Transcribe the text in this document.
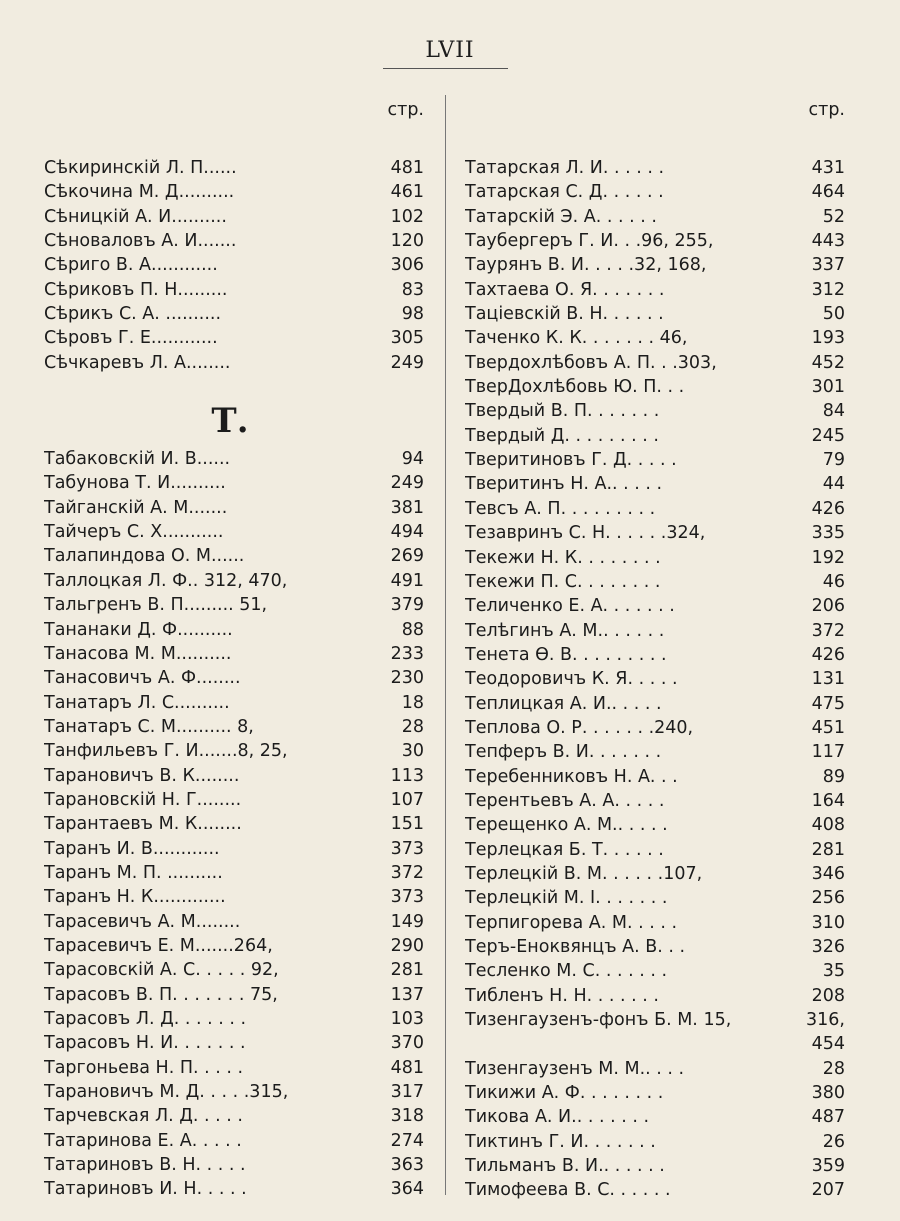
LVII
стр.
Сѣкиринскій Л. П......	481
Сѣкочина М. Д..........	461
Сѣницкій А. И..........	102
Сѣноваловъ А. И.......	120
Сѣриго В. А............	306
Сѣриковъ П. Н.........	83
Сѣрикъ С. А. ..........	98
Сѣровъ Г. Е............	305
Сѣчкаревъ Л. А........	249
Т.
Табаковскій И. В......	94
Табунова Т. И..........	249
Тайганскій А. М.......	381
Тайчеръ С. Х...........	494
Талапиндова О. М......	269
Таллоцкая Л. Ф.. 312, 470,	491
Тальгренъ В. П......... 51,	379
Тананаки Д. Ф..........	88
Танасова М. М..........	233
Танасовичъ А. Ф........	230
Танатаръ Л. С..........	18
Танатаръ С. М.......... 8,	28
Танфильевъ Г. И.......8, 25,	30
Тарановичъ В. К........	113
Тарановскій Н. Г........	107
Тарантаевъ М. К........	151
Таранъ И. В............	373
Таранъ М. П. ..........	372
Таранъ Н. К.............	373
Тарасевичъ А. М........	149
Тарасевичъ Е. М.......264,	290
Тарасовскій А. С. . . . . 92,	281
Тарасовъ В. П. . . . . . . 75,	137
Тарасовъ Л. Д. . . . . . .	103
Тарасовъ Н. И. . . . . . .	370
Таргоньева Н. П. . . . .	481
Тарановичъ М. Д. . . . .315,	317
Тарчевская Л. Д. . . . .	318
Татаринова Е. А. . . . .	274
Татариновъ В. Н. . . . .	363
Татариновъ И. Н. . . . .	364
стр.
Татарская Л. И. . . . . .	431
Татарская С. Д. . . . . .	464
Татарскій Э. А. . . . . .	52
Таубергеръ Г. И. . .96, 255,	443
Таурянъ В. И. . . . .32, 168,	337
Тахтаева О. Я. . . . . . .	312
Таціевскій В. Н. . . . . .	50
Таченко К. К. . . . . . . 46,	193
Твердохлѣбовъ А. П. . .303,	452
ТверДохлѣбовь Ю. П. . .	301
Твердый В. П. . . . . . .	84
Твердый Д. . . . . . . . .	245
Тверитиновъ Г. Д. . . . .	79
Тверитинъ Н. А.. . . . .	44
Тевсъ А. П. . . . . . . . .	426
Тезавринъ С. Н. . . . . .324,	335
Текежи Н. К. . . . . . . .	192
Текежи П. С. . . . . . . .	46
Теличенко Е. А. . . . . . .	206
Телѣгинъ А. М.. . . . . .	372
Тенета Ѳ. В. . . . . . . . .	426
Теодоровичъ К. Я. . . . .	131
Теплицкая А. И.. . . . .	475
Теплова О. Р. . . . . . .240,	451
Тепферъ В. И. . . . . . .	117
Теребенниковъ Н. А. . .	89
Терентьевъ А. А. . . . .	164
Терещенко А. М.. . . . .	408
Терлецкая Б. Т. . . . . .	281
Терлецкій В. М. . . . . .107,	346
Терлецкій М. І. . . . . . .	256
Терпигорева А. М. . . . .	310
Теръ-Еноквянцъ А. В. . .	326
Тесленко М. С. . . . . . .	35
Тибленъ Н. Н. . . . . . .	208
Тизенгаузенъ-фонъ Б. М. 15,	316,
454
Тизенгаузенъ М. М.. . . .	28
Тикижи А. Ф. . . . . . . .	380
Тикова А. И.. . . . . . .	487
Тиктинъ Г. И. . . . . . .	26
Тильманъ В. И.. . . . . .	359
Тимофеева В. С. . . . . .	207
